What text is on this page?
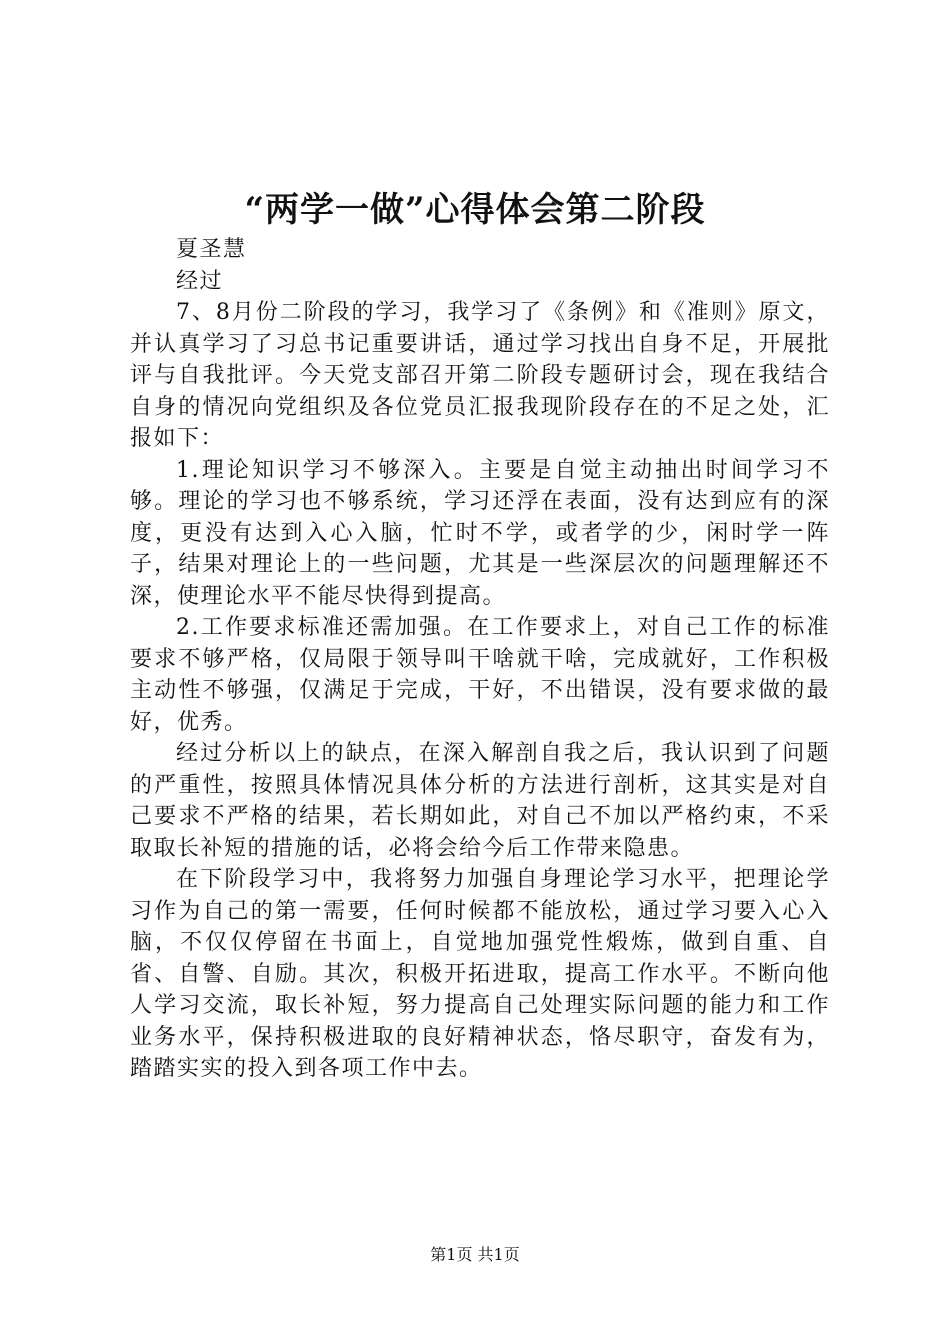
“两学一做”心得体会第二阶段

夏圣慧

经过

7、8月份二阶段的学习，我学习了《条例》和《准则》原文，并认真学习了习总书记重要讲话，通过学习找出自身不足，开展批评与自我批评。今天党支部召开第二阶段专题研讨会，现在我结合自身的情况向党组织及各位党员汇报我现阶段存在的不足之处，汇报如下：

1.理论知识学习不够深入。主要是自觉主动抽出时间学习不够。理论的学习也不够系统，学习还浮在表面，没有达到应有的深度，更没有达到入心入脑，忙时不学，或者学的少，闲时学一阵子，结果对理论上的一些问题，尤其是一些深层次的问题理解还不深，使理论水平不能尽快得到提高。

2.工作要求标准还需加强。在工作要求上，对自己工作的标准要求不够严格，仅局限于领导叫干啥就干啥，完成就好，工作积极主动性不够强，仅满足于完成，干好，不出错误，没有要求做的最好，优秀。

经过分析以上的缺点，在深入解剖自我之后，我认识到了问题的严重性，按照具体情况具体分析的方法进行剖析，这其实是对自己要求不严格的结果，若长期如此，对自己不加以严格约束，不采取取长补短的措施的话，必将会给今后工作带来隐患。

在下阶段学习中，我将努力加强自身理论学习水平，把理论学习作为自己的第一需要，任何时候都不能放松，通过学习要入心入脑，不仅仅停留在书面上，自觉地加强党性煅炼，做到自重、自省、自警、自励。其次，积极开拓进取，提高工作水平。不断向他人学习交流，取长补短，努力提高自己处理实际问题的能力和工作业务水平，保持积极进取的良好精神状态，恪尽职守，奋发有为，踏踏实实的投入到各项工作中去。

第1页 共1页
